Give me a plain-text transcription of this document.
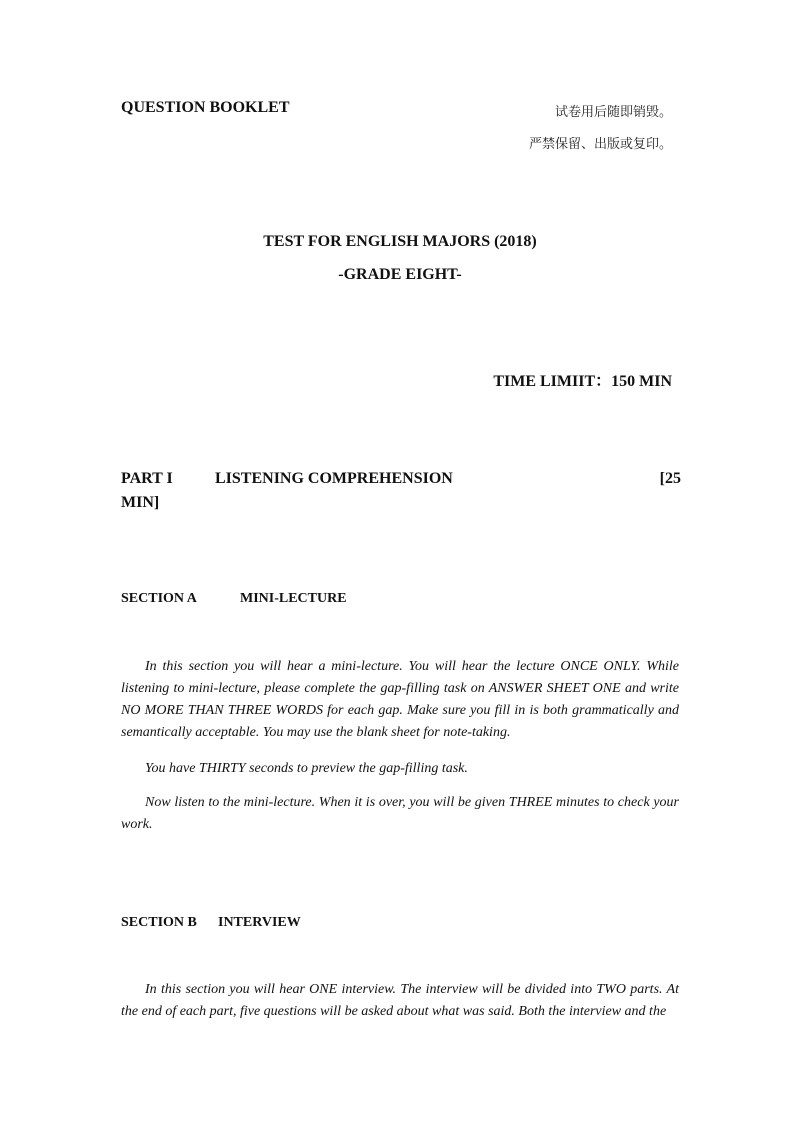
QUESTION BOOKLET	试卷用后随即销毁。
严禁保留、出版或复印。
TEST FOR ENGLISH MAJORS (2018)
-GRADE EIGHT-
TIME LIMIIT：150 MIN
PART I	LISTENING COMPREHENSION	[25
MIN]
SECTION A	MINI-LECTURE

In this section you will hear a mini-lecture. You will hear the lecture ONCE ONLY. While listening to mini-lecture, please complete the gap-filling task on ANSWER SHEET ONE and write NO MORE THAN THREE WORDS for each gap. Make sure you fill in is both grammatically and semantically acceptable. You may use the blank sheet for note-taking.

You have THIRTY seconds to preview the gap-filling task.

Now listen to the mini-lecture. When it is over, you will be given THREE minutes to check your work.

SECTION B INTERVIEW

In this section you will hear ONE interview. The interview will be divided into TWO parts. At the end of each part, five questions will be asked about what was said. Both the interview and the
